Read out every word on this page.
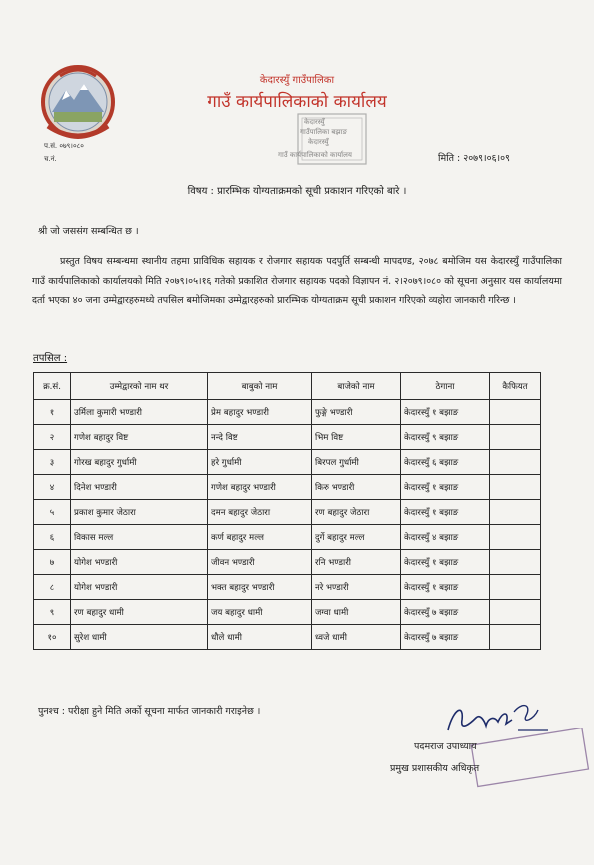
प.सं. ०७९।०८०
च.नं.
केदारस्युँ गाउँपालिका
गाउँ कार्यपालिकाको कार्यालय
केदारस्युँ
गाउँपालिका बझाङ
केदारस्युँ
गाउँ कार्यपालिकाको कार्यालय	मिति : २०७९।०६।०९
विषय : प्रारम्भिक योग्यताक्रमको सूची प्रकाशन गरिएको बारे ।
श्री जो जससंग सम्बन्धित छ ।
प्रस्तुत विषय सम्बन्धमा स्थानीय तहमा प्राविधिक सहायक र रोजगार सहायक पदपुर्ति सम्बन्धी मापदण्ड, २०७८ बमोजिम यस केदारस्युँ गाउँपालिका गाउँ कार्यपालिकाको कार्यालयको मिति २०७९।०५।१६ गतेको प्रकाशित रोजगार सहायक पदको विज्ञापन नं. २।२०७९।०८० को सूचना अनुसार यस कार्यालयमा दर्ता भएका ४० जना उम्मेद्वारहरुमध्ये तपसिल बमोजिमका उम्मेद्वारहरुको प्रारम्भिक योग्यताक्रम सूची प्रकाशन गरिएको व्यहोरा जानकारी गरिन्छ ।
तपसिल :
क्र.सं.	उम्मेद्वारको नाम थर	बाबुको नाम	बाजेको नाम	ठेगाना	कैफियत
१	उर्मिला कुमारी भण्डारी	प्रेम बहादुर भण्डारी	फुङ्गे भण्डारी	केदारस्युँ १ बझाङ	
२	गणेश बहादुर विष्ट	नन्दे विष्ट	भिम विष्ट	केदारस्युँ ९ बझाङ	
३	गोरख बहादुर गुर्धामी	हरे गुर्धामी	बिरपल गुर्धामी	केदारस्युँ ६ बझाङ	
४	दिनेश भण्डारी	गणेश बहादुर भण्डारी	किरु भण्डारी	केदारस्युँ १ बझाङ	
५	प्रकाश कुमार जेठारा	दमन बहादुर जेठारा	रण बहादुर जेठारा	केदारस्युँ १ बझाङ	
६	विकास मल्ल	कर्ण बहादुर मल्ल	दुर्गे बहादुर मल्ल	केदारस्युँ ४ बझाङ	
७	योगेश भण्डारी	जीवन भण्डारी	रनि भण्डारी	केदारस्युँ १ बझाङ	
८	योगेश भण्डारी	भक्त बहादुर भण्डारी	नरे भण्डारी	केदारस्युँ १ बझाङ	
९	रण बहादुर धामी	जय बहादुर धामी	जग्वा धामी	केदारस्युँ ७ बझाङ	
१०	सुरेश धामी	धौले धामी	ध्वजे धामी	केदारस्युँ ७ बझाङ	
पुनश्च : परीक्षा हुने मिति अर्को सूचना मार्फत जानकारी गराइनेछ ।
पदमराज उपाध्याय
प्रमुख प्रशासकीय अधिकृत
